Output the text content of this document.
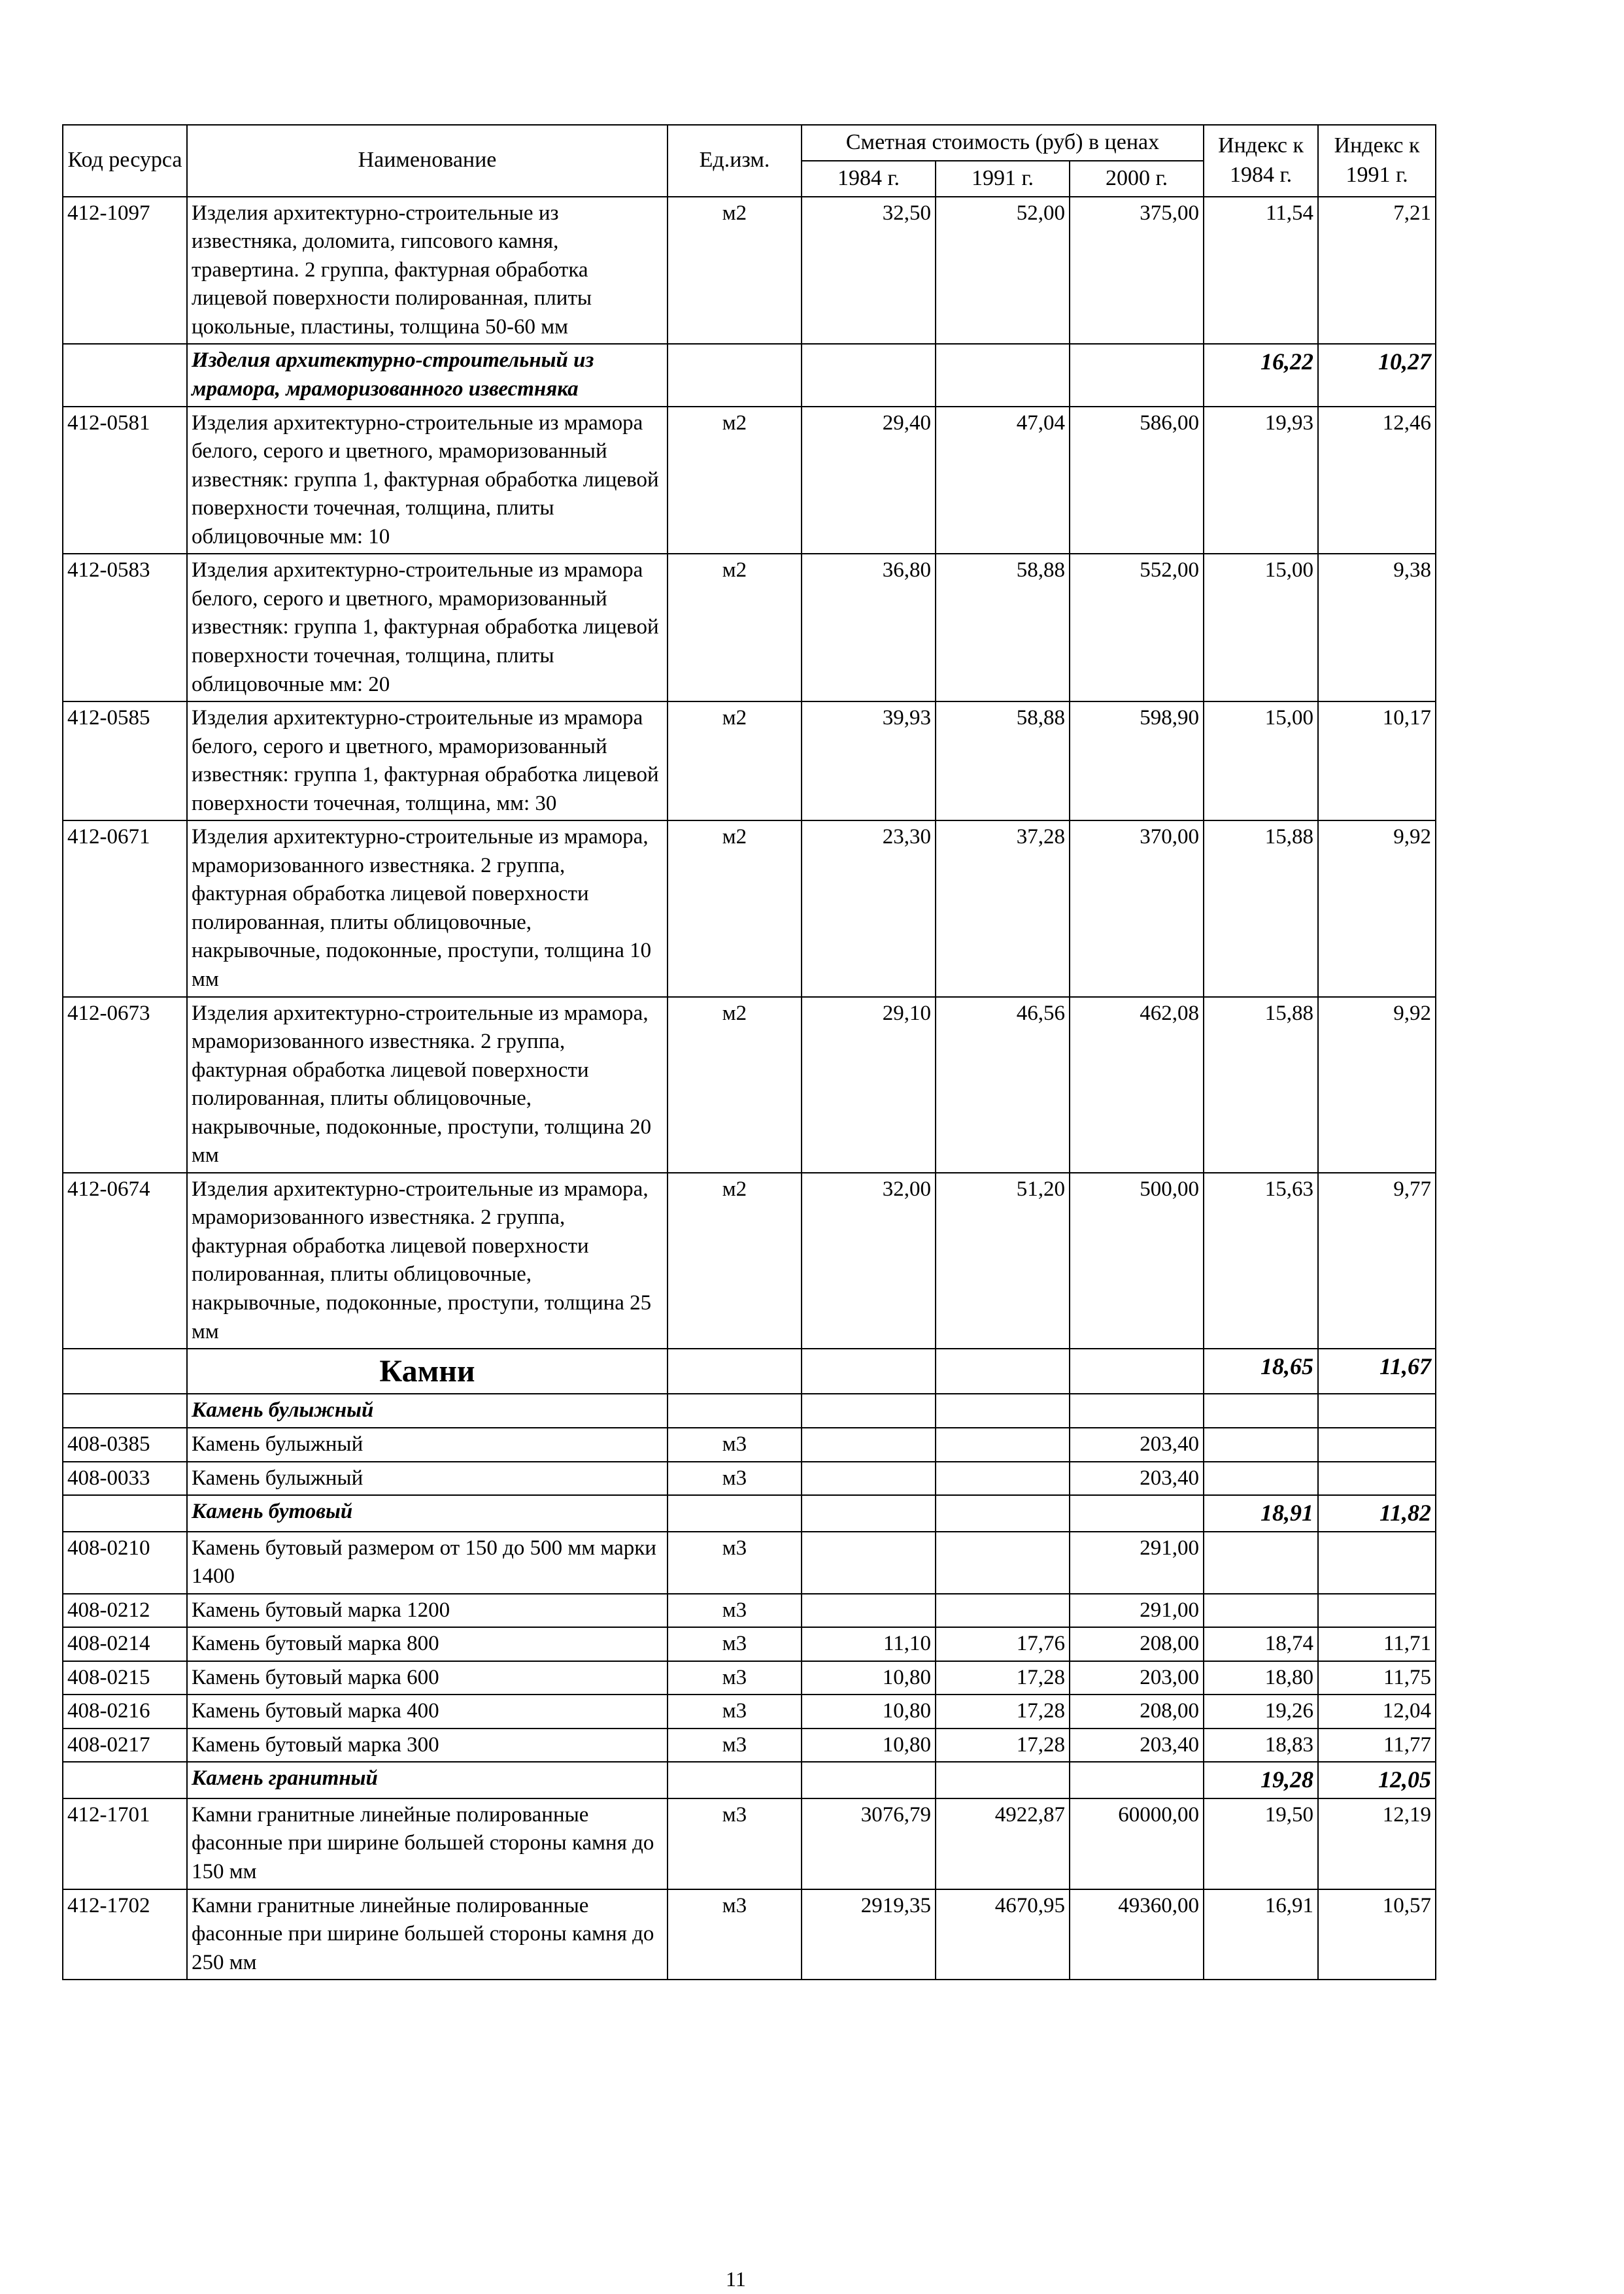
Код ресурса	Наименование	Ед.изм.	Сметная стоимость (руб) в ценах			Индекс к 1984 г.	Индекс к 1991 г.
			1984 г.	1991 г.	2000 г.		
412-1097	Изделия архитектурно-строительные из известняка, доломита, гипсового камня, травертина. 2 группа, фактурная обработка лицевой поверхности полированная, плиты цокольные, пластины, толщина 50-60 мм	м2	32,50	52,00	375,00	11,54	7,21
	Изделия архитектурно-строительный из мрамора, мраморизованного известняка					16,22	10,27
412-0581	Изделия архитектурно-строительные из мрамора белого, серого и цветного, мраморизованный известняк: группа 1, фактурная обработка лицевой поверхности точечная, толщина, плиты облицовочные мм: 10	м2	29,40	47,04	586,00	19,93	12,46
412-0583	Изделия архитектурно-строительные из мрамора белого, серого и цветного, мраморизованный известняк: группа 1, фактурная обработка лицевой поверхности точечная, толщина, плиты облицовочные мм: 20	м2	36,80	58,88	552,00	15,00	9,38
412-0585	Изделия архитектурно-строительные из мрамора белого, серого и цветного, мраморизованный известняк: группа 1, фактурная обработка лицевой поверхности точечная, толщина, мм: 30	м2	39,93	58,88	598,90	15,00	10,17
412-0671	Изделия архитектурно-строительные из мрамора, мраморизованного известняка. 2 группа, фактурная обработка лицевой поверхности полированная, плиты облицовочные, накрывочные, подоконные, проступи, толщина 10 мм	м2	23,30	37,28	370,00	15,88	9,92
412-0673	Изделия архитектурно-строительные из мрамора, мраморизованного известняка. 2 группа, фактурная обработка лицевой поверхности полированная, плиты облицовочные, накрывочные, подоконные, проступи, толщина 20 мм	м2	29,10	46,56	462,08	15,88	9,92
412-0674	Изделия архитектурно-строительные из мрамора, мраморизованного известняка. 2 группа, фактурная обработка лицевой поверхности полированная, плиты облицовочные, накрывочные, подоконные, проступи, толщина 25 мм	м2	32,00	51,20	500,00	15,63	9,77
	Камни					18,65	11,67
	Камень булыжный						
408-0385	Камень булыжный	м3			203,40		
408-0033	Камень булыжный	м3			203,40		
	Камень бутовый					18,91	11,82
408-0210	Камень бутовый размером от 150 до 500 мм марки 1400	м3			291,00		
408-0212	Камень бутовый марка 1200	м3			291,00		
408-0214	Камень бутовый марка 800	м3	11,10	17,76	208,00	18,74	11,71
408-0215	Камень бутовый марка 600	м3	10,80	17,28	203,00	18,80	11,75
408-0216	Камень бутовый марка 400	м3	10,80	17,28	208,00	19,26	12,04
408-0217	Камень бутовый марка 300	м3	10,80	17,28	203,40	18,83	11,77
	Камень гранитный					19,28	12,05
412-1701	Камни гранитные линейные полированные фасонные при ширине большей стороны камня до 150 мм	м3	3076,79	4922,87	60000,00	19,50	12,19
412-1702	Камни гранитные линейные полированные фасонные при ширине большей стороны камня до 250 мм	м3	2919,35	4670,95	49360,00	16,91	10,57
11
